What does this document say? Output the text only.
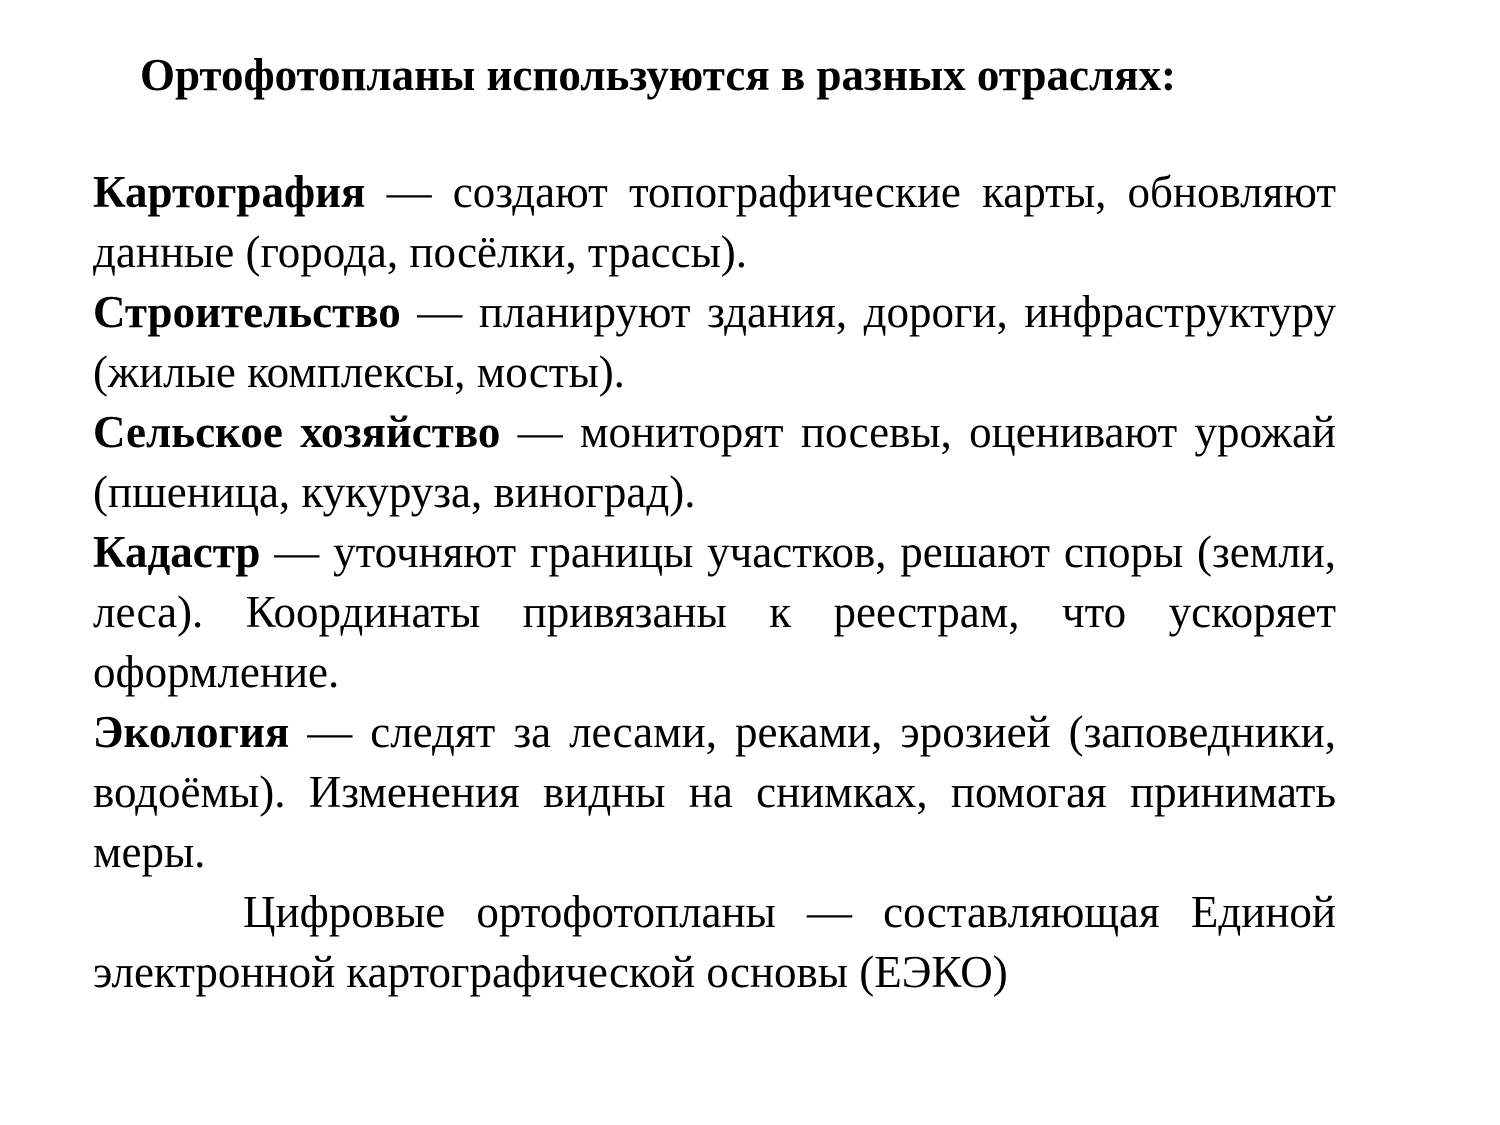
Ортофотопланы используются в разных отраслях:

Картография — создают топографические карты, обновляют данные (города, посёлки, трассы).

Строительство — планируют здания, дороги, инфраструктуру (жилые комплексы, мосты).

Сельское хозяйство — мониторят посевы, оценивают урожай (пшеница, кукуруза, виноград).

Кадастр — уточняют границы участков, решают споры (земли, леса). Координаты привязаны к реестрам, что ускоряет оформление.

Экология — следят за лесами, реками, эрозией (заповедники, водоёмы). Изменения видны на снимках, помогая принимать меры.

Цифровые ортофотопланы — составляющая Единой электронной картографической основы (ЕЭКО)
